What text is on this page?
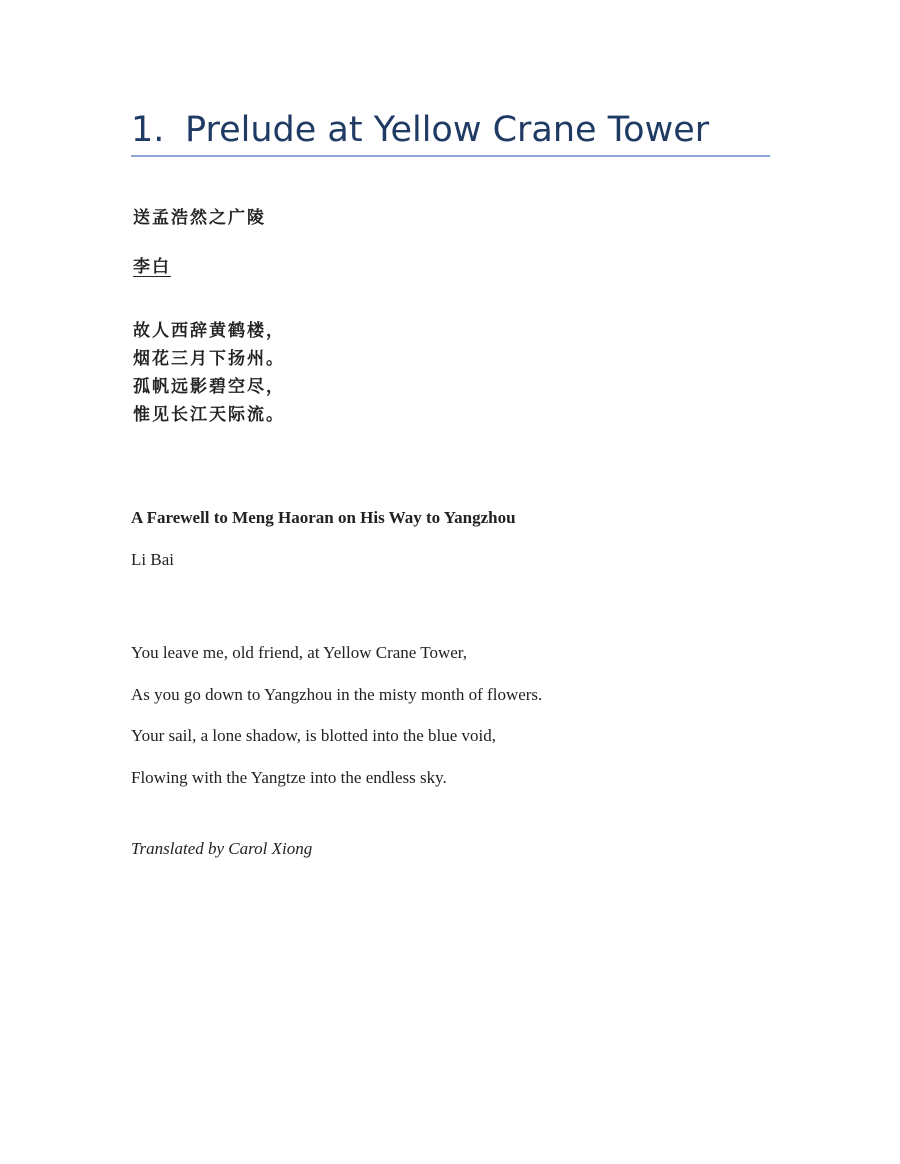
1. Prelude at Yellow Crane Tower
送孟浩然之广陵
李白
故人西辞黄鹤楼，
烟花三月下扬州。
孤帆远影碧空尽，
惟见长江天际流。
A Farewell to Meng Haoran on His Way to Yangzhou
Li Bai
You leave me, old friend, at Yellow Crane Tower,
As you go down to Yangzhou in the misty month of flowers.
Your sail, a lone shadow, is blotted into the blue void,
Flowing with the Yangtze into the endless sky.
Translated by Carol Xiong
